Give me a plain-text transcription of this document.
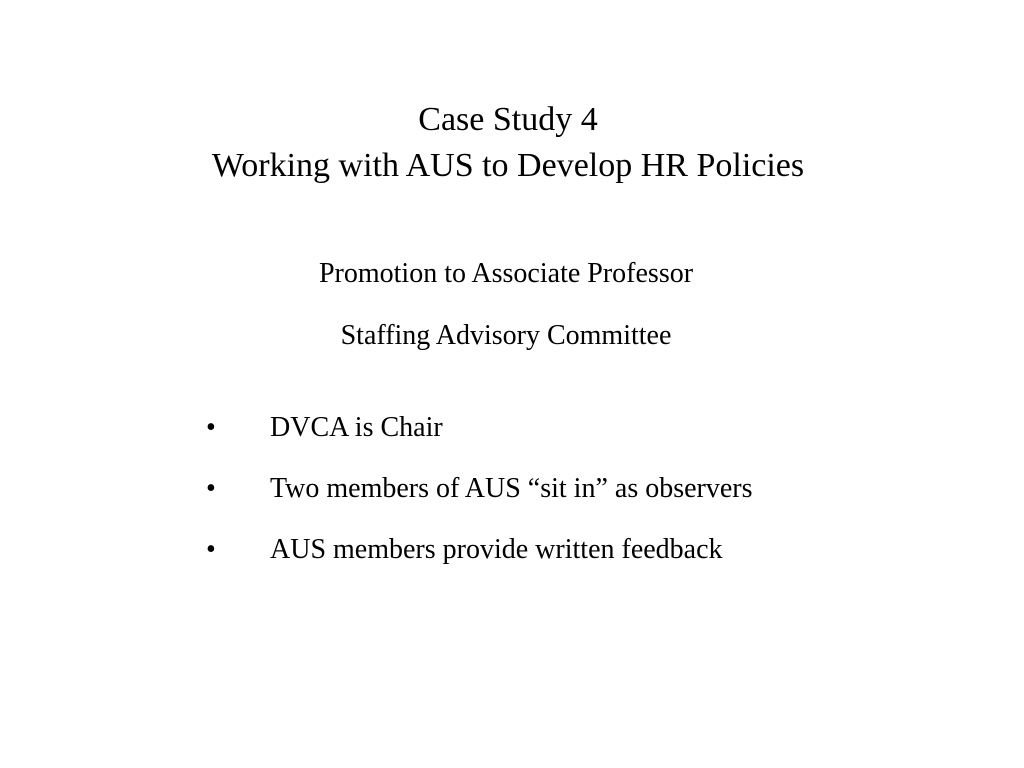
Case Study 4
Working with AUS to Develop HR Policies
Promotion to Associate Professor
Staffing Advisory Committee
•	DVCA is Chair
•	Two members of AUS “sit in” as observers
•	AUS members provide written feedback
